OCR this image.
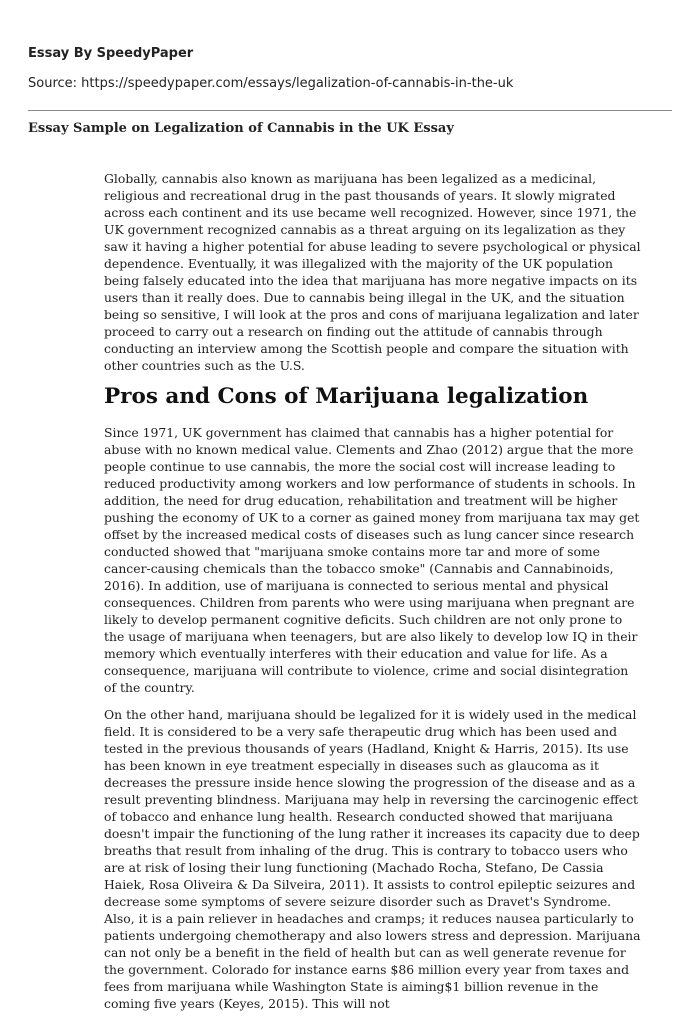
Essay By SpeedyPaper
Source: https://speedypaper.com/essays/legalization-of-cannabis-in-the-uk
Essay Sample on Legalization of Cannabis in the UK Essay

Globally, cannabis also known as marijuana has been legalized as a medicinal, religious and recreational drug in the past thousands of years. It slowly migrated across each continent and its use became well recognized. However, since 1971, the UK government recognized cannabis as a threat arguing on its legalization as they saw it having a higher potential for abuse leading to severe psychological or physical dependence. Eventually, it was illegalized with the majority of the UK population being falsely educated into the idea that marijuana has more negative impacts on its users than it really does. Due to cannabis being illegal in the UK, and the situation being so sensitive, I will look at the pros and cons of marijuana legalization and later proceed to carry out a research on finding out the attitude of cannabis through conducting an interview among the Scottish people and compare the situation with other countries such as the U.S.

Pros and Cons of Marijuana legalization

Since 1971, UK government has claimed that cannabis has a higher potential for abuse with no known medical value. Clements and Zhao (2012) argue that the more people continue to use cannabis, the more the social cost will increase leading to reduced productivity among workers and low performance of students in schools. In addition, the need for drug education, rehabilitation and treatment will be higher pushing the economy of UK to a corner as gained money from marijuana tax may get offset by the increased medical costs of diseases such as lung cancer since research conducted showed that "marijuana smoke contains more tar and more of some cancer-causing chemicals than the tobacco smoke" (Cannabis and Cannabinoids, 2016). In addition, use of marijuana is connected to serious mental and physical consequences. Children from parents who were using marijuana when pregnant are likely to develop permanent cognitive deficits. Such children are not only prone to the usage of marijuana when teenagers, but are also likely to develop low IQ in their memory which eventually interferes with their education and value for life. As a consequence, marijuana will contribute to violence, crime and social disintegration of the country.

On the other hand, marijuana should be legalized for it is widely used in the medical field. It is considered to be a very safe therapeutic drug which has been used and tested in the previous thousands of years (Hadland, Knight & Harris, 2015). Its use has been known in eye treatment especially in diseases such as glaucoma as it decreases the pressure inside hence slowing the progression of the disease and as a result preventing blindness. Marijuana may help in reversing the carcinogenic effect of tobacco and enhance lung health. Research conducted showed that marijuana doesn't impair the functioning of the lung rather it increases its capacity due to deep breaths that result from inhaling of the drug. This is contrary to tobacco users who are at risk of losing their lung functioning (Machado Rocha, Stefano, De Cassia Haiek, Rosa Oliveira & Da Silveira, 2011). It assists to control epileptic seizures and decrease some symptoms of severe seizure disorder such as Dravet's Syndrome. Also, it is a pain reliever in headaches and cramps; it reduces nausea particularly to patients undergoing chemotherapy and also lowers stress and depression. Marijuana can not only be a benefit in the field of health but can as well generate revenue for the government. Colorado for instance earns $86 million every year from taxes and fees from marijuana while Washington State is aiming$1 billion revenue in the coming five years (Keyes, 2015). This will not
